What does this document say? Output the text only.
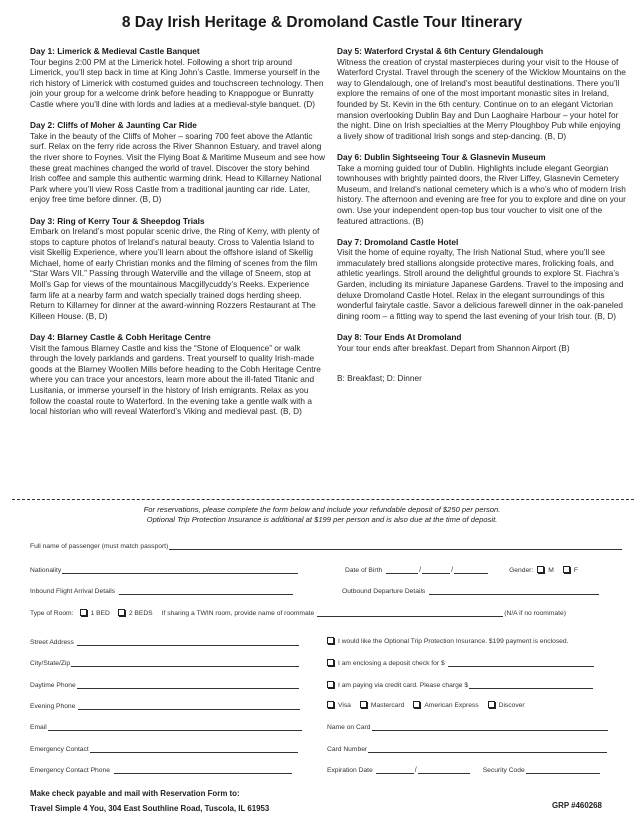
8 Day Irish Heritage & Dromoland Castle Tour Itinerary
Day 1: Limerick & Medieval Castle Banquet
Tour begins 2:00 PM at the Limerick hotel. Following a short trip around Limerick, you’ll step back in time at King John’s Castle. Immerse yourself in the rich history of Limerick with costumed guides and touchscreen technology. Then join your group for a welcome drink before heading to Knappogue or Bunratty Castle where you’ll dine with lords and ladies at a medieval-style banquet. (D)
Day 2: Cliffs of Moher & Jaunting Car Ride
Take in the beauty of the Cliffs of Moher – soaring 700 feet above the Atlantic surf. Relax on the ferry ride across the River Shannon Estuary, and travel along the river shore to Foynes. Visit the Flying Boat & Maritime Museum and see how these great machines changed the world of travel. Discover the story behind Irish coffee and sample this authentic warming drink. Head to Killarney National Park where you’ll view Ross Castle from a traditional jaunting car ride. Later, enjoy free time before dinner. (B, D)
Day 3: Ring of Kerry Tour & Sheepdog Trials
Embark on Ireland’s most popular scenic drive, the Ring of Kerry, with plenty of stops to capture photos of Ireland’s natural beauty. Cross to Valentia Island to visit Skellig Experience, where you’ll learn about the offshore island of Skellig Michael, home of early Christian monks and the filming of scenes from the film “Star Wars VII.” Passing through Waterville and the village of Sneem, stop at Moll’s Gap for views of the mountainous Macgillycuddy’s Reeks. Experience farm life at a nearby farm and watch specially trained dogs herding sheep. Return to Killarney for dinner at the award-winning Rozzers Restaurant at The Killeen House. (B, D)
Day 4: Blarney Castle & Cobh Heritage Centre
Visit the famous Blarney Castle and kiss the “Stone of Eloquence” or walk through the lovely parklands and gardens. Treat yourself to quality Irish-made goods at the Blarney Woollen Mills before heading to the Cobh Heritage Centre where you can trace your ancestors, learn more about the ill-fated Titanic and Lusitania, or immerse yourself in the history of Irish emigrants. Relax as you follow the coastal route to Waterford. In the evening take a gentle walk with a local historian who will reveal Waterford’s Viking and medieval past. (B, D)
Day 5: Waterford Crystal & 6th Century Glendalough
Witness the creation of crystal masterpieces during your visit to the House of Waterford Crystal. Travel through the scenery of the Wicklow Mountains on the way to Glendalough, one of Ireland’s most beautiful destinations. There you’ll explore the remains of one of the most important monastic sites in Ireland, founded by St. Kevin in the 6th century. Continue on to an elegant Victorian mansion overlooking Dublin Bay and Dun Laoghaire Harbour – your hotel for the night. Dine on Irish specialties at the Merry Ploughboy Pub while enjoying a lively show of traditional Irish songs and step-dancing. (B, D)
Day 6: Dublin Sightseeing Tour & Glasnevin Museum
Take a morning guided tour of Dublin. Highlights include elegant Georgian townhouses with brightly painted doors, the River Liffey, Glasnevin Cemetery Museum, and Ireland’s national cemetery which is a who’s who of modern Irish history. The afternoon and evening are free for you to explore and dine on your own. Use your independent open-top bus tour voucher to visit one of the featured attractions. (B)
Day 7: Dromoland Castle Hotel
Visit the home of equine royalty, The Irish National Stud, where you’ll see immaculately bred stallions alongside protective mares, frolicking foals, and athletic yearlings. Stroll around the delightful grounds to explore St. Fiachra’s Garden, including its miniature Japanese Gardens. Travel to the imposing and deluxe Dromoland Castle Hotel. Relax in the elegant surroundings of this wonderful fairytale castle. Savor a delicious farewell dinner in the oak-paneled dining room – a fitting way to spend the last evening of your Irish tour. (B, D)
Day 8: Tour Ends At Dromoland
Your tour ends after breakfast. Depart from Shannon Airport (B)
B: Breakfast; D: Dinner
For reservations, please complete the form below and include your refundable deposit of $250 per person.
Optional Trip Protection Insurance is additional at $199 per person and is also due at the time of deposit.
Full name of passenger (must match passport)
Nationality	Date of Birth	/	/	Gender: M	F
Inbound Flight Arrival Details	Outbound Departure Details
Type of Room:	1 BED	2 BEDS If sharing a TWIN room, provide name of roommate	(N/A if no roommate)
Street Address
City/State/Zip
Daytime Phone
Evening Phone
Email
Emergency Contact
Emergency Contact Phone
I would like the Optional Trip Protection Insurance. $199 payment is enclosed.
I am enclosing a deposit check for $
I am paying via credit card. Please charge $
Visa	Mastercard	American Express	Discover
Name on Card
Card Number
Expiration Date	/	Security Code
Make check payable and mail with Reservation Form to:
Travel Simple 4 You, 304 East Southline Road, Tuscola, IL 61953	GRP #460268
